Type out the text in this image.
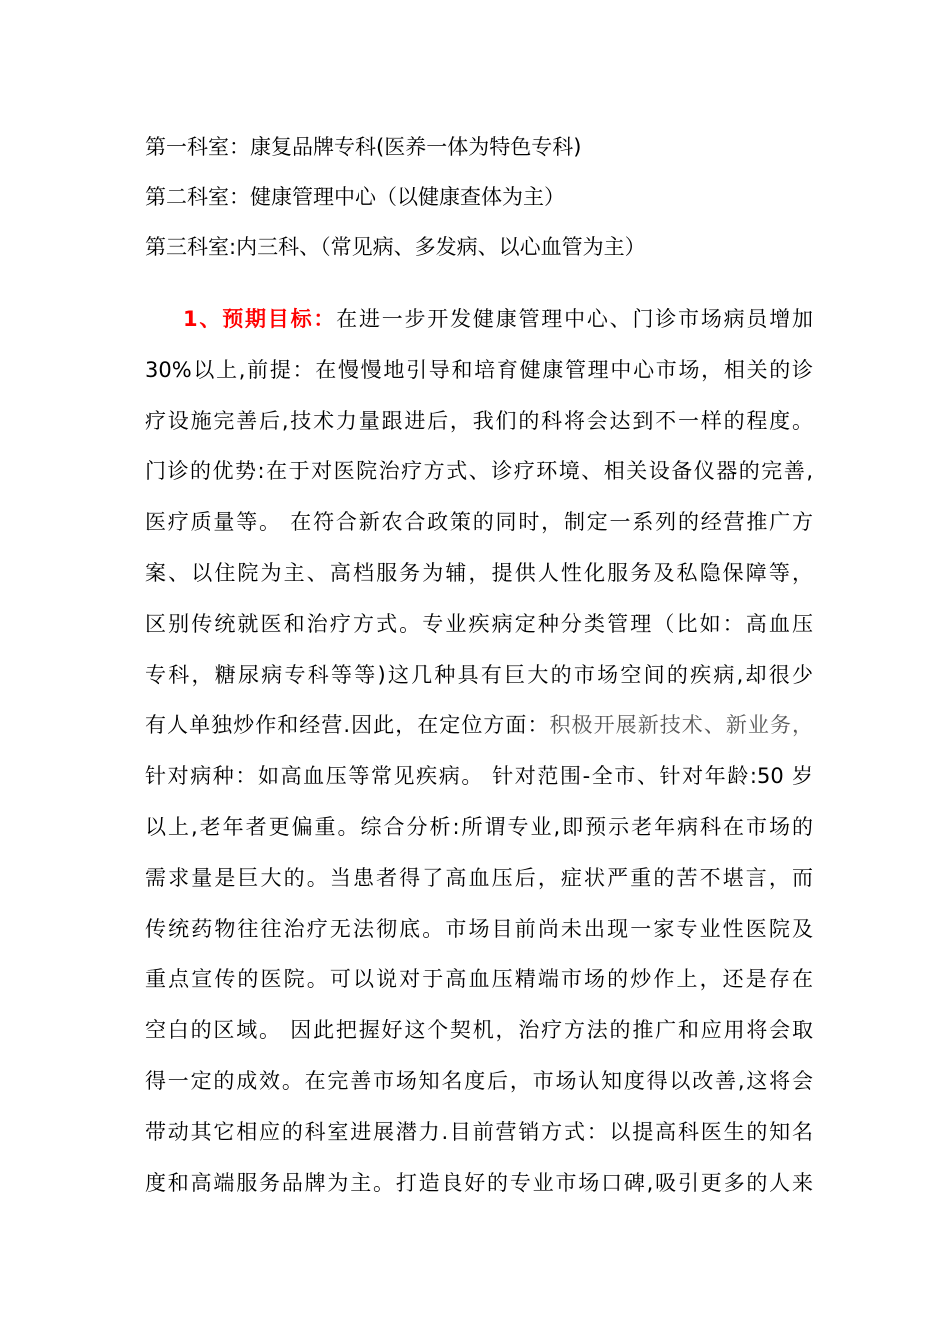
第一科室：康复品牌专科(医养一体为特色专科)
第二科室：健康管理中心（以健康查体为主）
第三科室:内三科、（常见病、多发病、以心血管为主）
1、预期目标：在进一步开发健康管理中心、门诊市场病员增加
30%以上,前提：在慢慢地引导和培育健康管理中心市场，相关的诊
疗设施完善后,技术力量跟进后，我们的科将会达到不一样的程度。
门诊的优势:在于对医院治疗方式、诊疗环境、相关设备仪器的完善,
医疗质量等。 在符合新农合政策的同时，制定一系列的经营推广方
案、以住院为主、高档服务为辅，提供人性化服务及私隐保障等，
区别传统就医和治疗方式。专业疾病定种分类管理（比如：高血压
专科，糖尿病专科等等)这几种具有巨大的市场空间的疾病,却很少
有人单独炒作和经营.因此，在定位方面：积极开展新技术、新业务，
针对病种：如高血压等常见疾病。 针对范围-全市、针对年龄:50 岁
以上,老年者更偏重。综合分析:所谓专业,即预示老年病科在市场的
需求量是巨大的。当患者得了高血压后，症状严重的苦不堪言，而
传统药物往往治疗无法彻底。市场目前尚未出现一家专业性医院及
重点宣传的医院。可以说对于高血压精端市场的炒作上，还是存在
空白的区域。 因此把握好这个契机，治疗方法的推广和应用将会取
得一定的成效。在完善市场知名度后，市场认知度得以改善,这将会
带动其它相应的科室进展潜力.目前营销方式：以提高科医生的知名
度和高端服务品牌为主。打造良好的专业市场口碑,吸引更多的人来
